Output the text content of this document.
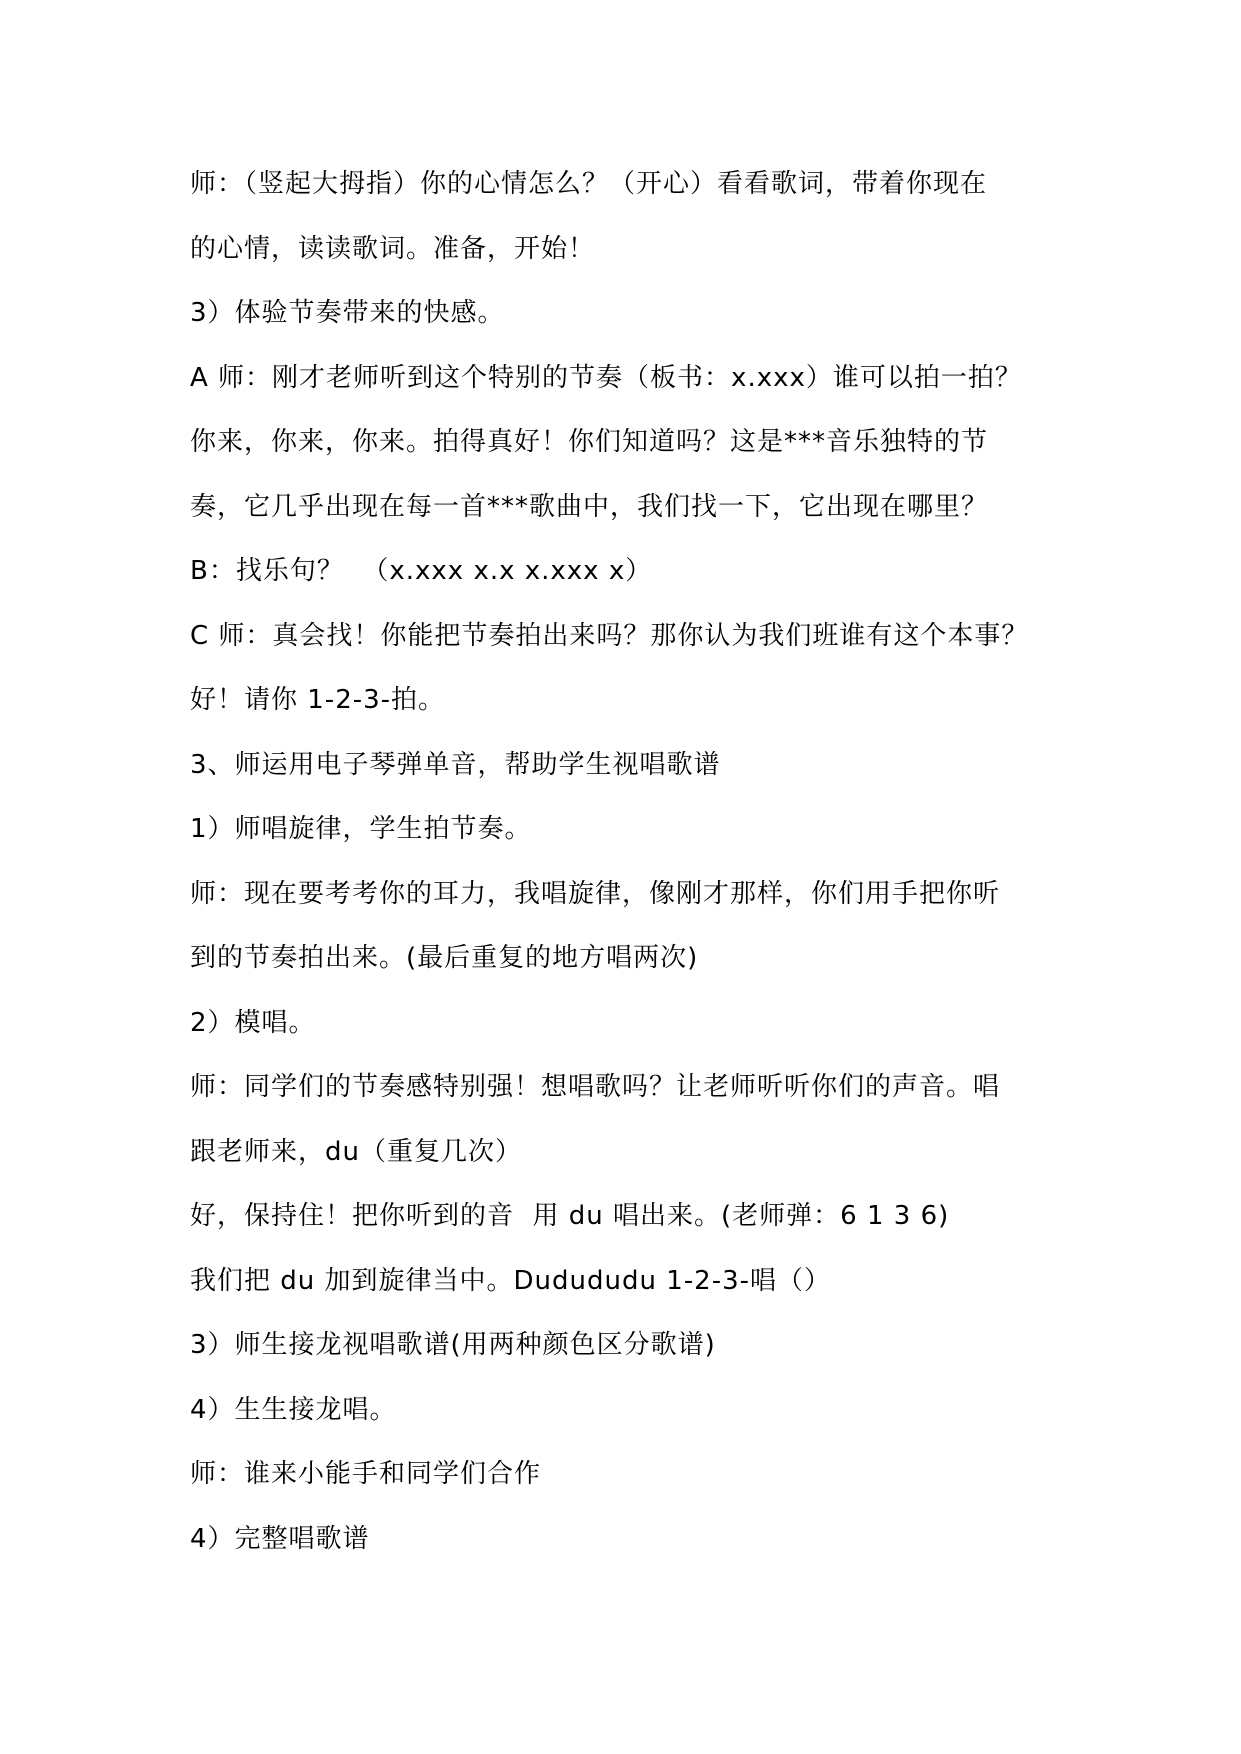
师：（竖起大拇指）你的心情怎么？（开心）看看歌词，带着你现在
的心情，读读歌词。准备，开始！
3）体验节奏带来的快感。
A 师：刚才老师听到这个特别的节奏（板书：x.xxx）谁可以拍一拍？
你来，你来，你来。拍得真好！你们知道吗？这是***音乐独特的节
奏，它几乎出现在每一首***歌曲中，我们找一下，它出现在哪里？
B：找乐句？  （x.xxx x.x x.xxx x）
C 师：真会找！你能把节奏拍出来吗？那你认为我们班谁有这个本事？
好！请你 1-2-3-拍。
3、师运用电子琴弹单音，帮助学生视唱歌谱
1）师唱旋律，学生拍节奏。
师：现在要考考你的耳力，我唱旋律，像刚才那样，你们用手把你听
到的节奏拍出来。(最后重复的地方唱两次)
2）模唱。
师：同学们的节奏感特别强！想唱歌吗？让老师听听你们的声音。唱
跟老师来，du（重复几次）
好，保持住！把你听到的音  用 du 唱出来。(老师弹：6 1 3 6)
我们把 du 加到旋律当中。Dudududu 1-2-3-唱（）
3）师生接龙视唱歌谱(用两种颜色区分歌谱)
4）生生接龙唱。
师：谁来小能手和同学们合作
4）完整唱歌谱
